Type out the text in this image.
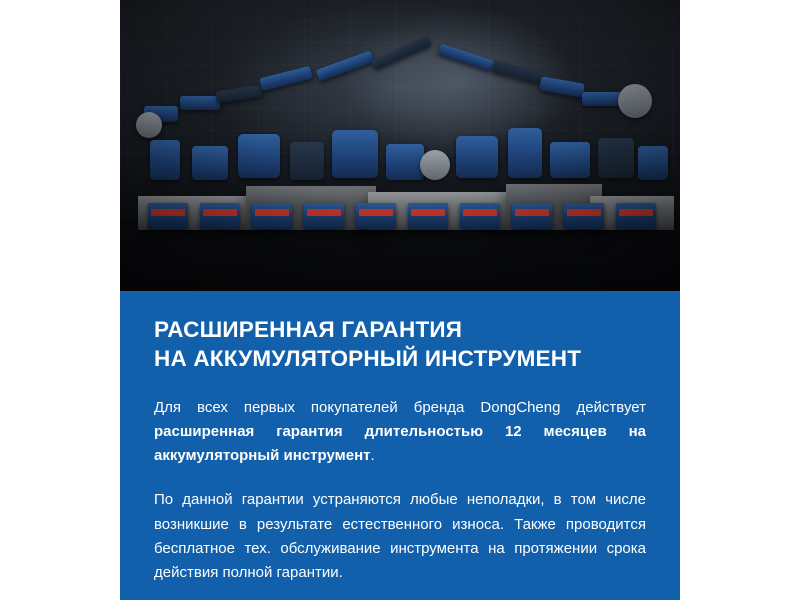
РАСШИРЕННАЯ ГАРАНТИЯ
НА АККУМУЛЯТОРНЫЙ ИНСТРУМЕНТ

Для всех первых покупателей бренда DongCheng действует расширенная гарантия длительностью 12 месяцев на аккумуляторный инструмент.

По данной гарантии устраняются любые неполадки, в том числе возникшие в результате естественного износа. Также проводится бесплатное тех. обслуживание инструмента на протяжении срока действия полной гарантии.
